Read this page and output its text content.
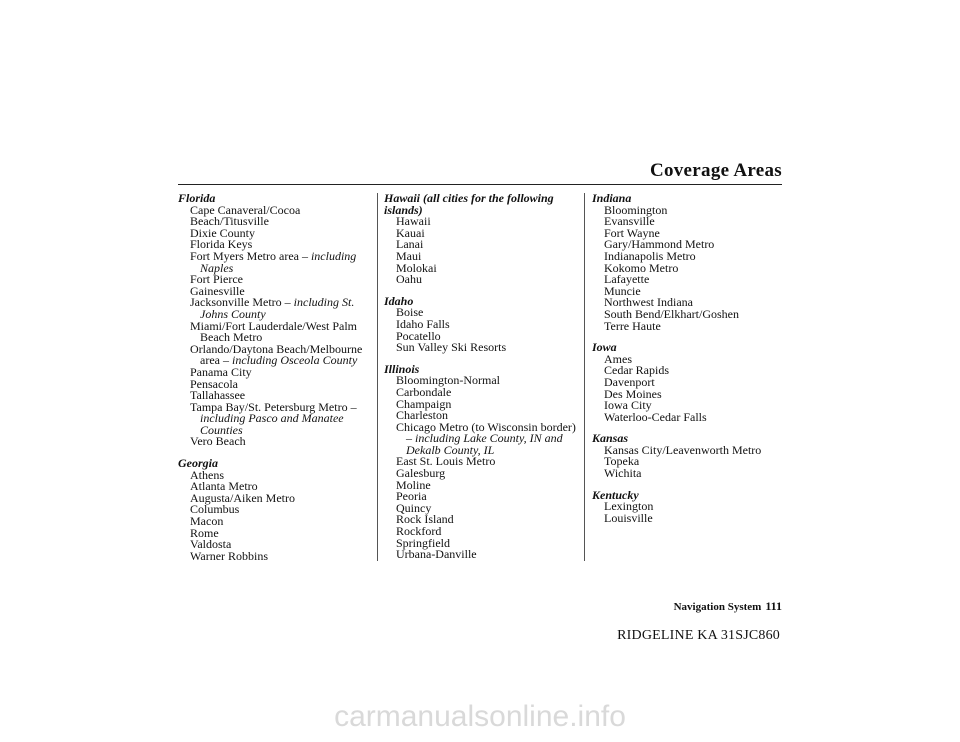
Coverage Areas
Florida
Cape Canaveral/Cocoa Beach/Titusville
Dixie County
Florida Keys
Fort Myers Metro area – including
Naples
Fort Pierce
Gainesville
Jacksonville Metro – including St.
Johns County
Miami/Fort Lauderdale/West Palm
Beach Metro
Orlando/Daytona Beach/Melbourne
area – including Osceola County
Panama City
Pensacola
Tallahassee
Tampa Bay/St. Petersburg Metro –
including Pasco and Manatee
Counties
Vero Beach
Georgia
Athens
Atlanta Metro
Augusta/Aiken Metro
Columbus
Macon
Rome
Valdosta
Warner Robbins
Hawaii (all cities for the following islands)
Hawaii
Kauai
Lanai
Maui
Molokai
Oahu
Idaho
Boise
Idaho Falls
Pocatello
Sun Valley Ski Resorts
Illinois
Bloomington-Normal
Carbondale
Champaign
Charleston
Chicago Metro (to Wisconsin border)
– including Lake County, IN and
Dekalb County, IL
East St. Louis Metro
Galesburg
Moline
Peoria
Quincy
Rock Island
Rockford
Springfield
Urbana-Danville
Indiana
Bloomington
Evansville
Fort Wayne
Gary/Hammond Metro
Indianapolis Metro
Kokomo Metro
Lafayette
Muncie
Northwest Indiana
South Bend/Elkhart/Goshen
Terre Haute
Iowa
Ames
Cedar Rapids
Davenport
Des Moines
Iowa City
Waterloo-Cedar Falls
Kansas
Kansas City/Leavenworth Metro
Topeka
Wichita
Kentucky
Lexington
Louisville
Navigation System 111
RIDGELINE KA 31SJC860
carmanualsonline.info
